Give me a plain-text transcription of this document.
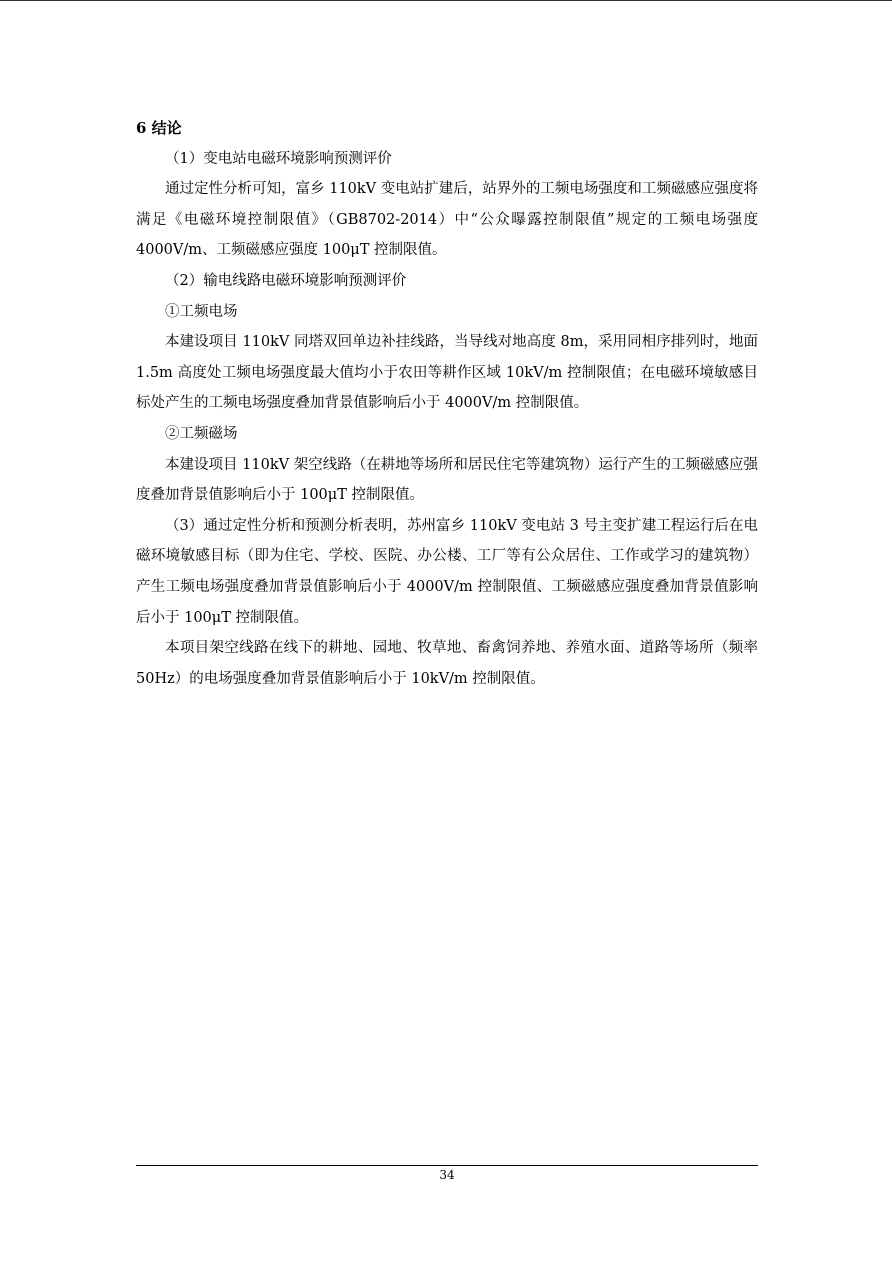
6 结论

（1）变电站电磁环境影响预测评价

通过定性分析可知，富乡 110kV 变电站扩建后，站界外的工频电场强度和工频磁感应强度将满足《电磁环境控制限值》（GB8702-2014）中“公众曝露控制限值”规定的工频电场强度 4000V/m、工频磁感应强度 100μT 控制限值。

（2）输电线路电磁环境影响预测评价

①工频电场

本建设项目 110kV 同塔双回单边补挂线路，当导线对地高度 8m，采用同相序排列时，地面 1.5m 高度处工频电场强度最大值均小于农田等耕作区域 10kV/m 控制限值；在电磁环境敏感目标处产生的工频电场强度叠加背景值影响后小于 4000V/m 控制限值。

②工频磁场

本建设项目 110kV 架空线路（在耕地等场所和居民住宅等建筑物）运行产生的工频磁感应强度叠加背景值影响后小于 100μT 控制限值。

（3）通过定性分析和预测分析表明，苏州富乡 110kV 变电站 3 号主变扩建工程运行后在电磁环境敏感目标（即为住宅、学校、医院、办公楼、工厂等有公众居住、工作或学习的建筑物）产生工频电场强度叠加背景值影响后小于 4000V/m 控制限值、工频磁感应强度叠加背景值影响后小于 100μT 控制限值。

本项目架空线路在线下的耕地、园地、牧草地、畜禽饲养地、养殖水面、道路等场所（频率 50Hz）的电场强度叠加背景值影响后小于 10kV/m 控制限值。

34
